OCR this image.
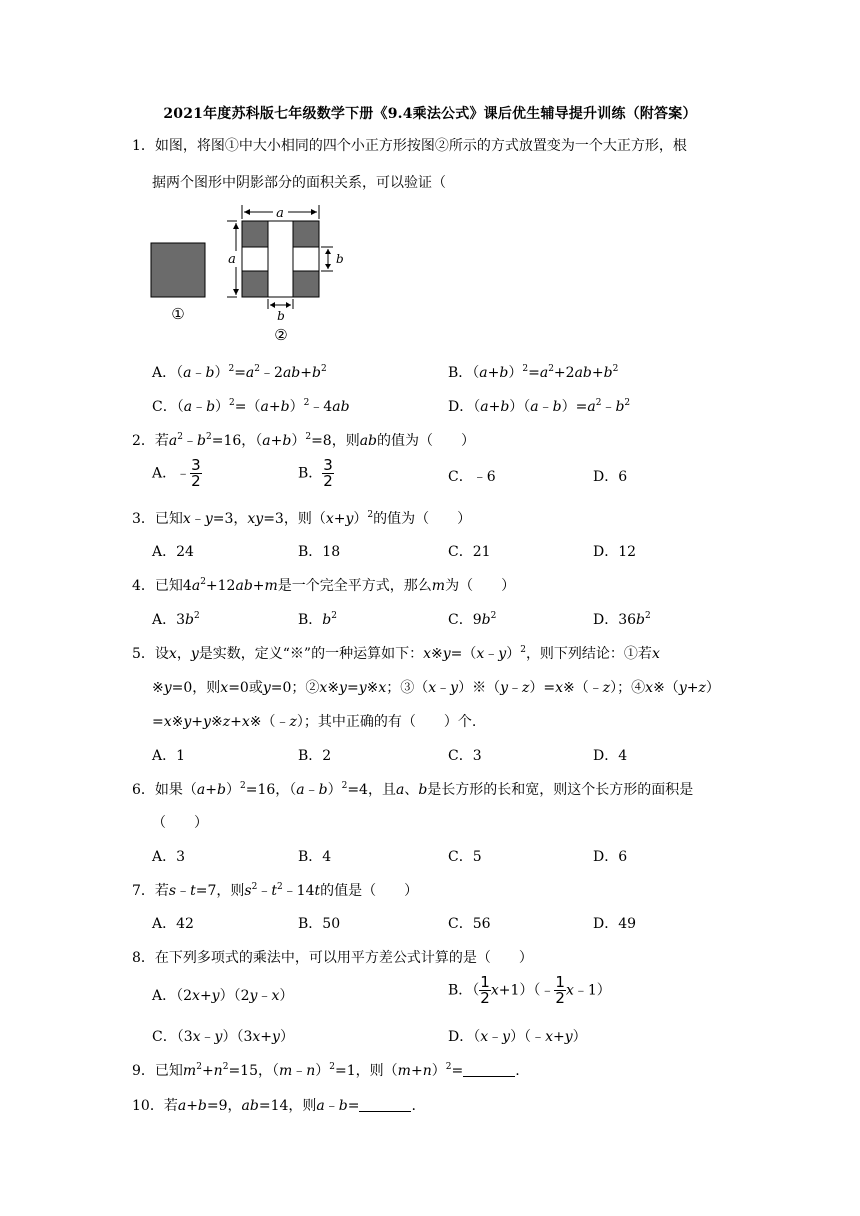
2021年度苏科版七年级数学下册《9.4乘法公式》课后优生辅导提升训练（附答案）
1．如图，将图①中大小相同的四个小正方形按图②所示的方式放置变为一个大正方形，根
据两个图形中阴影部分的面积关系，可以验证（
①
a
a	b
b
②
A．$(a﹣b)^2=a^2﹣2ab+b^2$	B．$(a+b)^2=a^2+2ab+b^2$
C．$(a﹣b)^2=(a+b)^2﹣4ab$	D．$(a+b)(a﹣b)=a^2﹣b^2$
2．若$a^2﹣b^2=16$，$(a+b)^2=8$，则ab的值为（　　）
A．﹣ $\frac{3}{2}$	B． $\frac{3}{2}$	C．﹣6	D．6
3．已知x﹣y=3，xy=3，则$(x+y)^2$的值为（　　）
A．24	B．18	C．21	D．12
4．已知$4a^2+12ab+m$是一个完全平方式，那么m为（　　）
A．$3b^2$	B．$b^2$	C．$9b^2$	D．$36b^2$
5．设x，y是实数，定义“※”的一种运算如下：x※y=（x﹣y）$^2$，则下列结论：①若x
※y=0，则x=0或y=0；②x※y=y※x；③（x﹣y）※（y﹣z）=x※（﹣z）；④x※（y+z）
=x※y+y※z+x※（﹣z）；其中正确的有（　　）个.
A．1	B．2	C．3	D．4
6．如果$(a+b)^2=16$，（a﹣b）$^2$=4，且a、b是长方形的长和宽，则这个长方形的面积是
（　　）
A．3	B．4	C．5	D．6
7．若s﹣t=7，则$s^2﹣t^2﹣14t$的值是（　　）
A．42	B．50	C．56	D．49
8．在下列多项式的乘法中，可以用平方差公式计算的是（　　）
A．（2x+y）（2y﹣x）	B．（ $\frac{1}{2}$ x+1）（﹣ $\frac{1}{2}$ x﹣1）
C．（3x﹣y）（3x+y）	D．（x﹣y）（﹣x+y）
9．已知$m^2+n^2=15$，（m﹣n）$^2$=1，则$(m+n)^2=$	.
10．若a+b=9，ab=14，则a﹣b=	.
